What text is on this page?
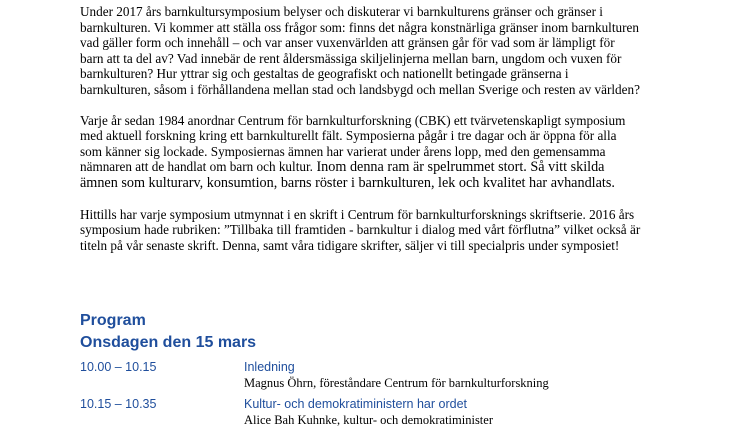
Under 2017 års barnkultursymposium belyser och diskuterar vi barnkulturens gränser och gränser i
barnkulturen. Vi kommer att ställa oss frågor som: finns det några konstnärliga gränser inom barnkulturen
vad gäller form och innehåll – och var anser vuxenvärlden att gränsen går för vad som är lämpligt för
barn att ta del av? Vad innebär de rent åldersmässiga skiljelinjerna mellan barn, ungdom och vuxen för
barnkulturen? Hur yttrar sig och gestaltas de geografiskt och nationellt betingade gränserna i
barnkulturen, såsom i förhållandena mellan stad och landsbygd och mellan Sverige och resten av världen?

Varje år sedan 1984 anordnar Centrum för barnkulturforskning (CBK) ett tvärvetenskapligt symposium
med aktuell forskning kring ett barnkulturellt fält. Symposierna pågår i tre dagar och är öppna för alla
som känner sig lockade. Symposiernas ämnen har varierat under årens lopp, med den gemensamma
nämnaren att de handlat om barn och kultur. Inom denna ram är spelrummet stort. Så vitt skilda
ämnen som kulturarv, konsumtion, barns röster i barnkulturen, lek och kvalitet har avhandlats.

Hittills har varje symposium utmynnat i en skrift i Centrum för barnkulturforsknings skriftserie. 2016 års
symposium hade rubriken: ”Tillbaka till framtiden - barnkultur i dialog med vårt förflutna” vilket också är
titeln på vår senaste skrift. Denna, samt våra tidigare skrifter, säljer vi till specialpris under symposiet!

Program
Onsdagen den 15 mars
10.00 – 10.15	Inledning
Magnus Öhrn, föreståndare Centrum för barnkulturforskning
10.15 – 10.35	Kultur- och demokratiministern har ordet
Alice Bah Kuhnke, kultur- och demokratiminister
